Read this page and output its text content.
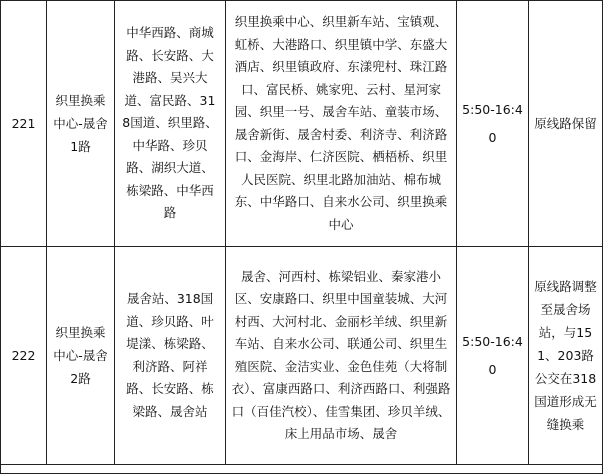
221	织里换乘中心-晟舍1路	中华西路、商城路、长安路、大港路、吴兴大道、富民路、318国道、织里路、中华路、珍贝路、湖织大道、栋梁路、中华西路	织里换乘中心、织里新车站、宝镇观、虹桥、大港路口、织里镇中学、东盛大酒店、织里镇政府、东漾兜村、珠江路口、富民桥、姚家兜、云村、星河家园、织里一号、晟舍车站、童装市场、晟舍新街、晟舍村委、利济寺、利济路口、金海岸、仁济医院、栖梧桥、织里人民医院、织里北路加油站、棉布城东、中华路口、自来水公司、织里换乘中心	5:50-16:40	原线路保留

222	织里换乘中心-晟舍2路	晟舍站、318国道、珍贝路、叶堤漾、栋梁路、利济路、阿祥路、长安路、栋梁路、晟舍站	晟舍、河西村、栋梁铝业、秦家港小区、安康路口、织里中国童装城、大河村西、大河村北、金丽杉羊绒、织里新车站、自来水公司、联通公司、织里生殖医院、金洁实业、金色佳苑（大将制衣）、富康西路口、利济西路口、利强路口（百佳汽校）、佳雪集团、珍贝羊绒、床上用品市场、晟舍	5:50-16:40	原线路调整至晟舍场站，与151、203路公交在318国道形成无缝换乘
